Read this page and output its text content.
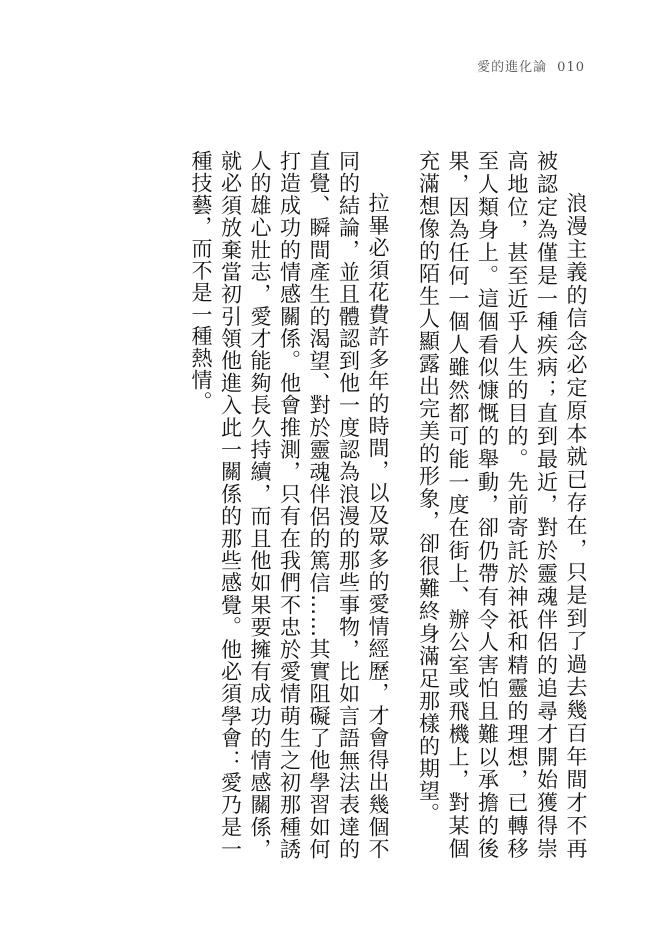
愛的進化論 010

浪漫主義的信念必定原本就已存在，只是到了過去幾百年間才不再被認定為僅是一種疾病；直到最近，對於靈魂伴侶的追尋才開始獲得崇高地位，甚至近乎人生的目的。先前寄託於神祇和精靈的理想，已轉移至人類身上。這個看似慷慨的舉動，卻仍帶有令人害怕且難以承擔的後果，因為任何一個人雖然都可能一度在街上、辦公室或飛機上，對某個充滿想像的陌生人顯露出完美的形象，卻很難終身滿足那樣的期望。

拉畢必須花費許多年的時間，以及眾多的愛情經歷，才會得出幾個不同的結論，並且體認到他一度認為浪漫的那些事物，比如言語無法表達的直覺、瞬間產生的渴望、對於靈魂伴侶的篤信……其實阻礙了他學習如何打造成功的情感關係。他會推測，只有在我們不忠於愛情萌生之初那種誘人的雄心壯志，愛才能夠長久持續，而且他如果要擁有成功的情感關係，就必須放棄當初引領他進入此一關係的那些感覺。他必須學會：愛乃是一種技藝，而不是一種熱情。
